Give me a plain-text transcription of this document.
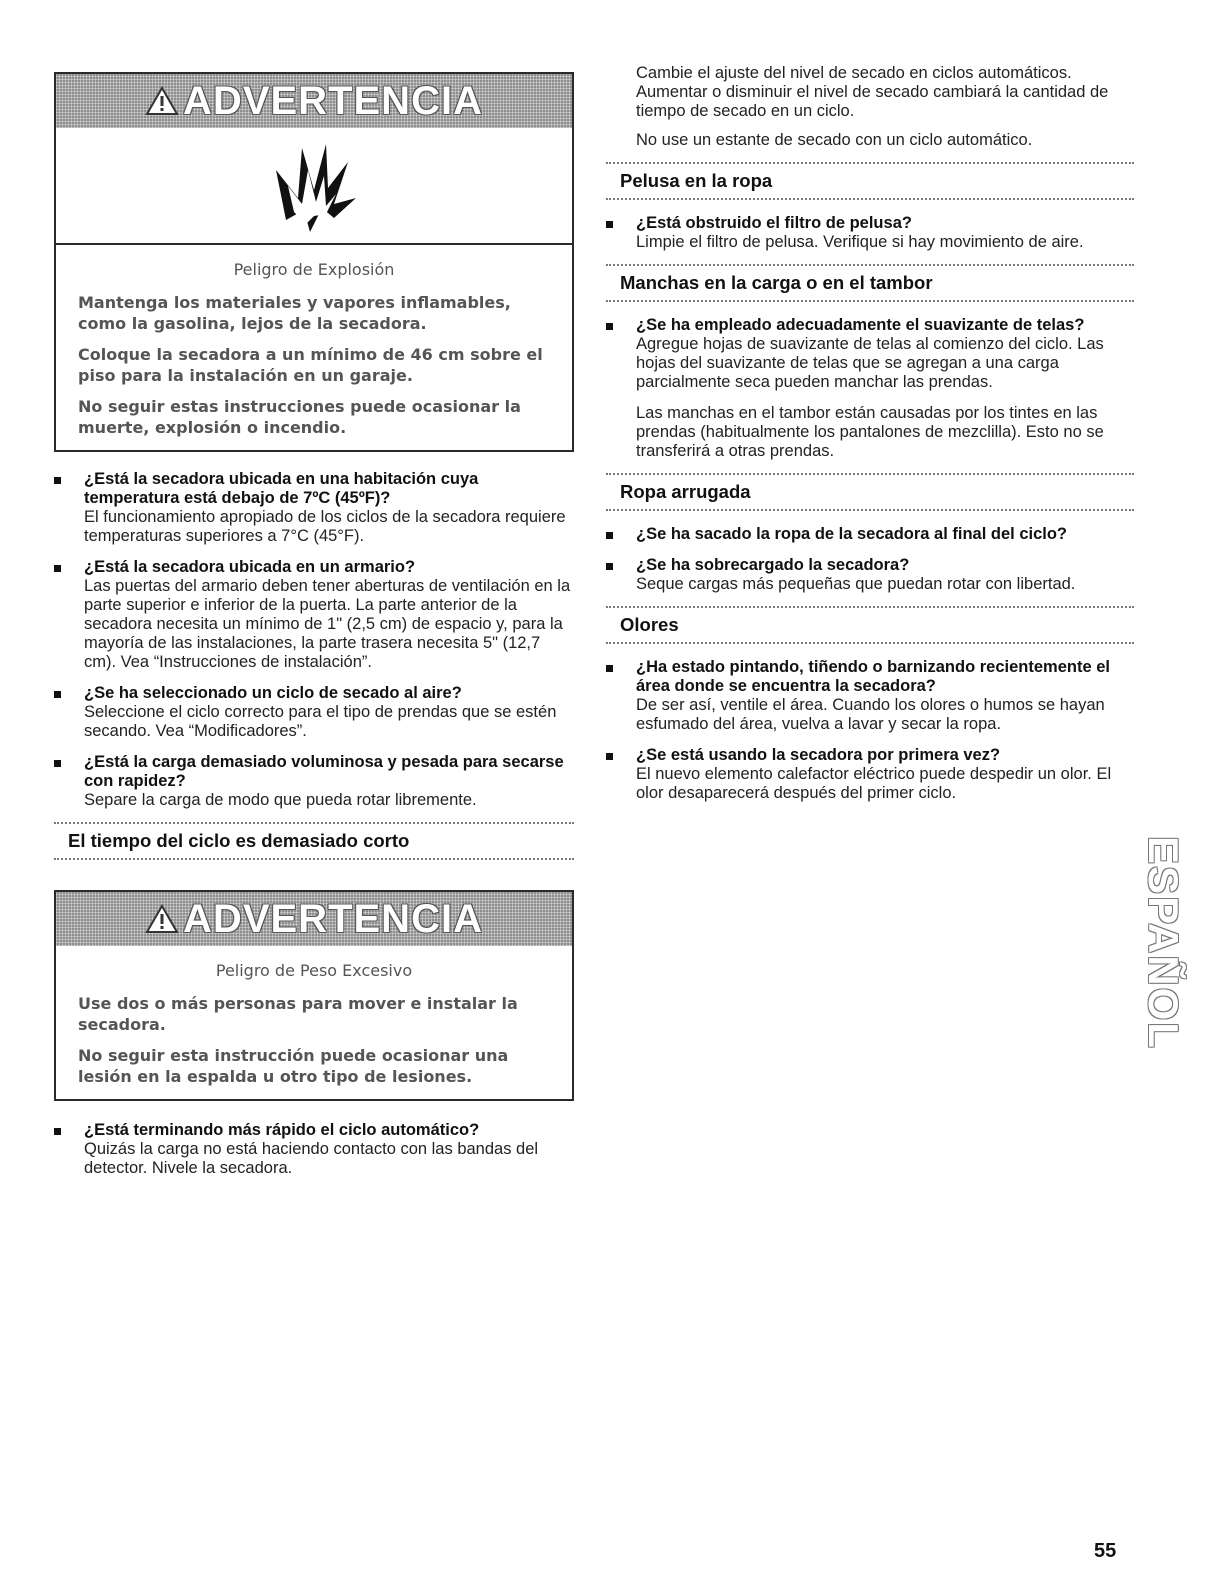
ADVERTENCIA
Peligro de Explosión

Mantenga los materiales y vapores inflamables, como la gasolina, lejos de la secadora.

Coloque la secadora a un mínimo de 46 cm sobre el piso para la instalación en un garaje.

No seguir estas instrucciones puede ocasionar la muerte, explosión o incendio.

¿Está la secadora ubicada en una habitación cuya temperatura está debajo de 7ºC (45ºF)?
El funcionamiento apropiado de los ciclos de la secadora requiere temperaturas superiores a 7°C (45°F).
¿Está la secadora ubicada en un armario?
Las puertas del armario deben tener aberturas de ventilación en la parte superior e inferior de la puerta. La parte anterior de la secadora necesita un mínimo de 1" (2,5 cm) de espacio y, para la mayoría de las instalaciones, la parte trasera necesita 5" (12,7 cm). Vea “Instrucciones de instalación”.
¿Se ha seleccionado un ciclo de secado al aire?
Seleccione el ciclo correcto para el tipo de prendas que se estén secando. Vea “Modificadores”.
¿Está la carga demasiado voluminosa y pesada para secarse con rapidez?
Separe la carga de modo que pueda rotar libremente.
El tiempo del ciclo es demasiado corto
ADVERTENCIA
Peligro de Peso Excesivo

Use dos o más personas para mover e instalar la secadora.

No seguir esta instrucción puede ocasionar una lesión en la espalda u otro tipo de lesiones.

¿Está terminando más rápido el ciclo automático?
Quizás la carga no está haciendo contacto con las bandas del detector. Nivele la secadora.
Cambie el ajuste del nivel de secado en ciclos automáticos. Aumentar o disminuir el nivel de secado cambiará la cantidad de tiempo de secado en un ciclo.
No use un estante de secado con un ciclo automático.
Pelusa en la ropa
¿Está obstruido el filtro de pelusa?
Limpie el filtro de pelusa. Verifique si hay movimiento de aire.
Manchas en la carga o en el tambor
¿Se ha empleado adecuadamente el suavizante de telas?
Agregue hojas de suavizante de telas al comienzo del ciclo. Las hojas del suavizante de telas que se agregan a una carga parcialmente seca pueden manchar las prendas.
Las manchas en el tambor están causadas por los tintes en las prendas (habitualmente los pantalones de mezclilla). Esto no se transferirá a otras prendas.
Ropa arrugada
¿Se ha sacado la ropa de la secadora al final del ciclo?
¿Se ha sobrecargado la secadora?
Seque cargas más pequeñas que puedan rotar con libertad.
Olores
¿Ha estado pintando, tiñendo o barnizando recientemente el área donde se encuentra la secadora?
De ser así, ventile el área. Cuando los olores o humos se hayan esfumado del área, vuelva a lavar y secar la ropa.
¿Se está usando la secadora por primera vez?
El nuevo elemento calefactor eléctrico puede despedir un olor. El olor desaparecerá después del primer ciclo.
ESPAÑOL
55
